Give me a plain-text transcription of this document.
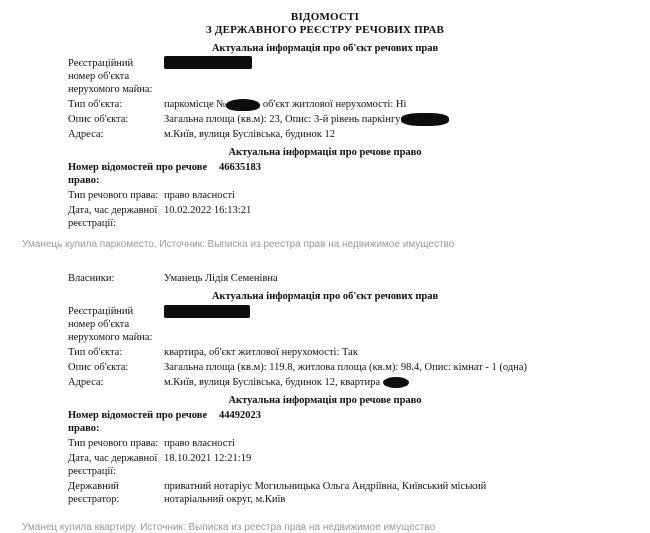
ВІДОМОСТІ
З ДЕРЖАВНОГО РЕЄСТРУ РЕЧОВИХ ПРАВ
Актуальна інформація про об'єкт речових прав
Реєстраційний номер об'єкта
нерухомого майна:
Тип об'єкта:	паркомісце №	об'єкт житлової нерухомості: Ні
Опис об'єкта:	Загальна площа (кв.м): 23, Опис: 3-й рівень паркінгу
Адреса:	м.Київ, вулиця Буслівська, будинок 12
Актуальна інформація про речове право
Номер відомостей про речове право:
46635183
Тип речового права: право власності
Дата, час державної реєстрації:
10.02.2022 16:13:21
Уманець купила паркоместо. Источник: Выписка из реестра прав на недвижимое имущество
Власники:	Уманець Лідія Семенівна
Актуальна інформація про об'єкт речових прав
Реєстраційний номер об'єкта
нерухомого майна:
Тип об'єкта:	квартира, об'єкт житлової нерухомості: Так
Опис об'єкта:	Загальна площа (кв.м): 119.8, житлова площа (кв.м): 98.4, Опис: кімнат - 1 (одна)
Адреса:	м.Київ, вулиця Буслівська, будинок 12, квартира
Актуальна інформація про речове право
Номер відомостей про речове право:
44492023
Тип речового права: право власності
Дата, час державної реєстрації:
18.10.2021 12:21:19
Державний реєстратор:
приватний нотаріус Могильницька Ольга Андріївна, Київський міський
нотаріальний округ, м.Київ
Уманец купила квартиру. Источник: Выписка из реестра прав на недвижимое имущество
